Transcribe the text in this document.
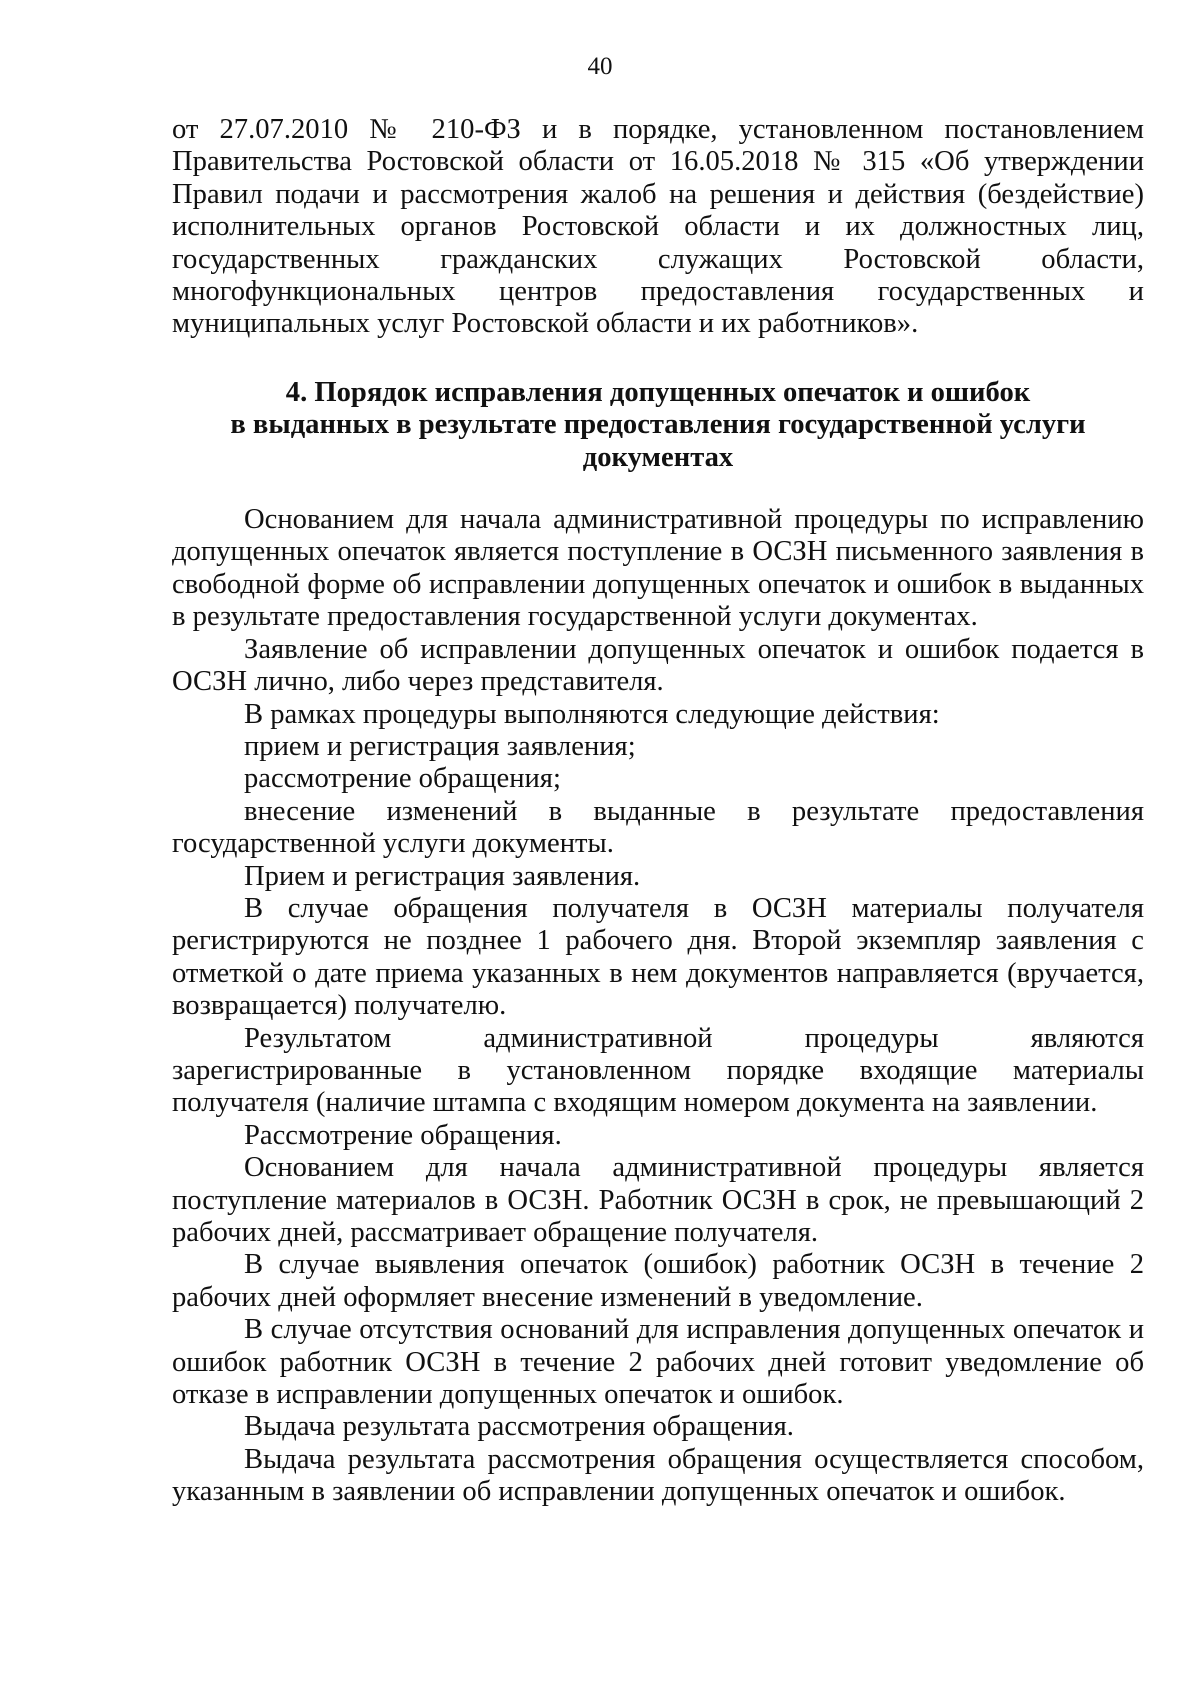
40

от 27.07.2010 № 210-ФЗ и в порядке, установленном постановлением Правительства Ростовской области от 16.05.2018 № 315 «Об утверждении Правил подачи и рассмотрения жалоб на решения и действия (бездействие) исполнительных органов Ростовской области и их должностных лиц, государственных гражданских служащих Ростовской области, многофункциональных центров предоставления государственных и муниципальных услуг Ростовской области и их работников».

4. Порядок исправления допущенных опечаток и ошибок
в выданных в результате предоставления государственной услуги
документах

Основанием для начала административной процедуры по исправлению допущенных опечаток является поступление в ОСЗН письменного заявления в свободной форме об исправлении допущенных опечаток и ошибок в выданных в результате предоставления государственной услуги документах.

Заявление об исправлении допущенных опечаток и ошибок подается в ОСЗН лично, либо через представителя.

В рамках процедуры выполняются следующие действия:

прием и регистрация заявления;

рассмотрение обращения;

внесение изменений в выданные в результате предоставления государственной услуги документы.

Прием и регистрация заявления.

В случае обращения получателя в ОСЗН материалы получателя регистрируются не позднее 1 рабочего дня. Второй экземпляр заявления с отметкой о дате приема указанных в нем документов направляется (вручается, возвращается) получателю.

Результатом административной процедуры являются зарегистрированные в установленном порядке входящие материалы получателя (наличие штампа с входящим номером документа на заявлении.

Рассмотрение обращения.

Основанием для начала административной процедуры является поступление материалов в ОСЗН. Работник ОСЗН в срок, не превышающий 2 рабочих дней, рассматривает обращение получателя.

В случае выявления опечаток (ошибок) работник ОСЗН в течение 2 рабочих дней оформляет внесение изменений в уведомление.

В случае отсутствия оснований для исправления допущенных опечаток и ошибок работник ОСЗН в течение 2 рабочих дней готовит уведомление об отказе в исправлении допущенных опечаток и ошибок.

Выдача результата рассмотрения обращения.

Выдача результата рассмотрения обращения осуществляется способом, указанным в заявлении об исправлении допущенных опечаток и ошибок.
